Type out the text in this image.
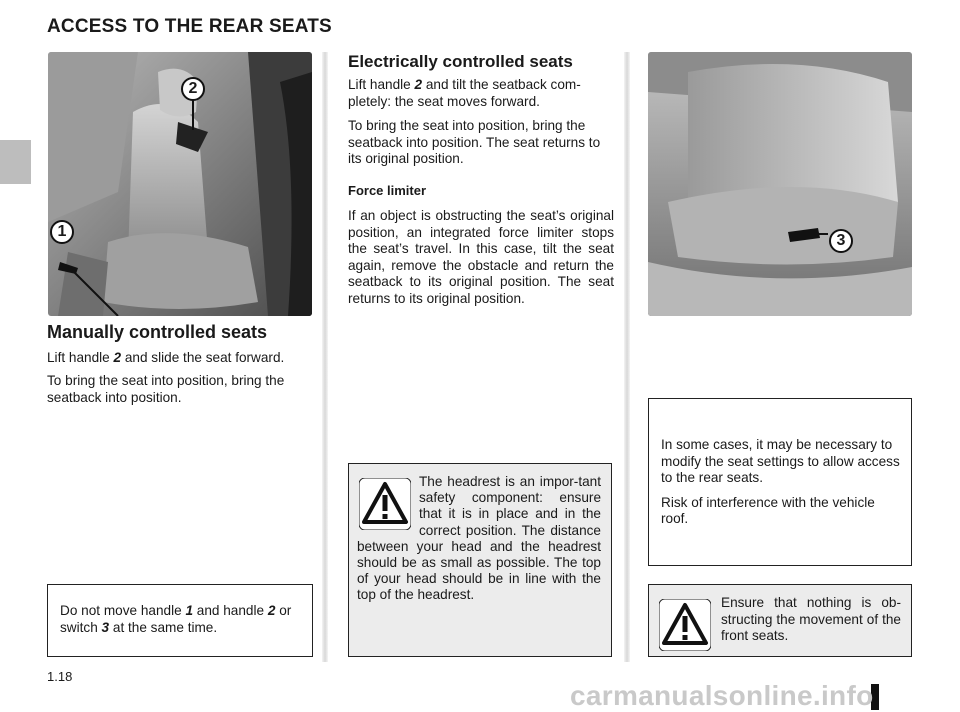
ACCESS TO THE REAR SEATS
2
1
3
Manually controlled seats

Lift handle 2 and slide the seat forward.

To bring the seat into position, bring the seatback into position.

Electrically controlled seats

Lift handle 2 and tilt the seatback com-pletely: the seat moves forward.

To bring the seat into position, bring the seatback into position. The seat returns to its original position.

Force limiter

If an object is obstructing the seat’s original position, an integrated force limiter stops the seat’s travel. In this case, tilt the seat again, remove the obstacle and return the seatback to its original position. The seat returns to its original position.

Do not move handle 1 and handle 2 or switch 3 at the same time.

The headrest is an impor-tant safety component: ensure that it is in place and in the correct position. The distance between your head and the headrest should be as small as possible. The top of your head should be in line with the top of the headrest.

In some cases, it may be necessary to modify the seat settings to allow access to the rear seats.

Risk of interference with the vehicle roof.

Ensure that nothing is ob-structing the movement of the front seats.

1.18
carmanualsonline.info
